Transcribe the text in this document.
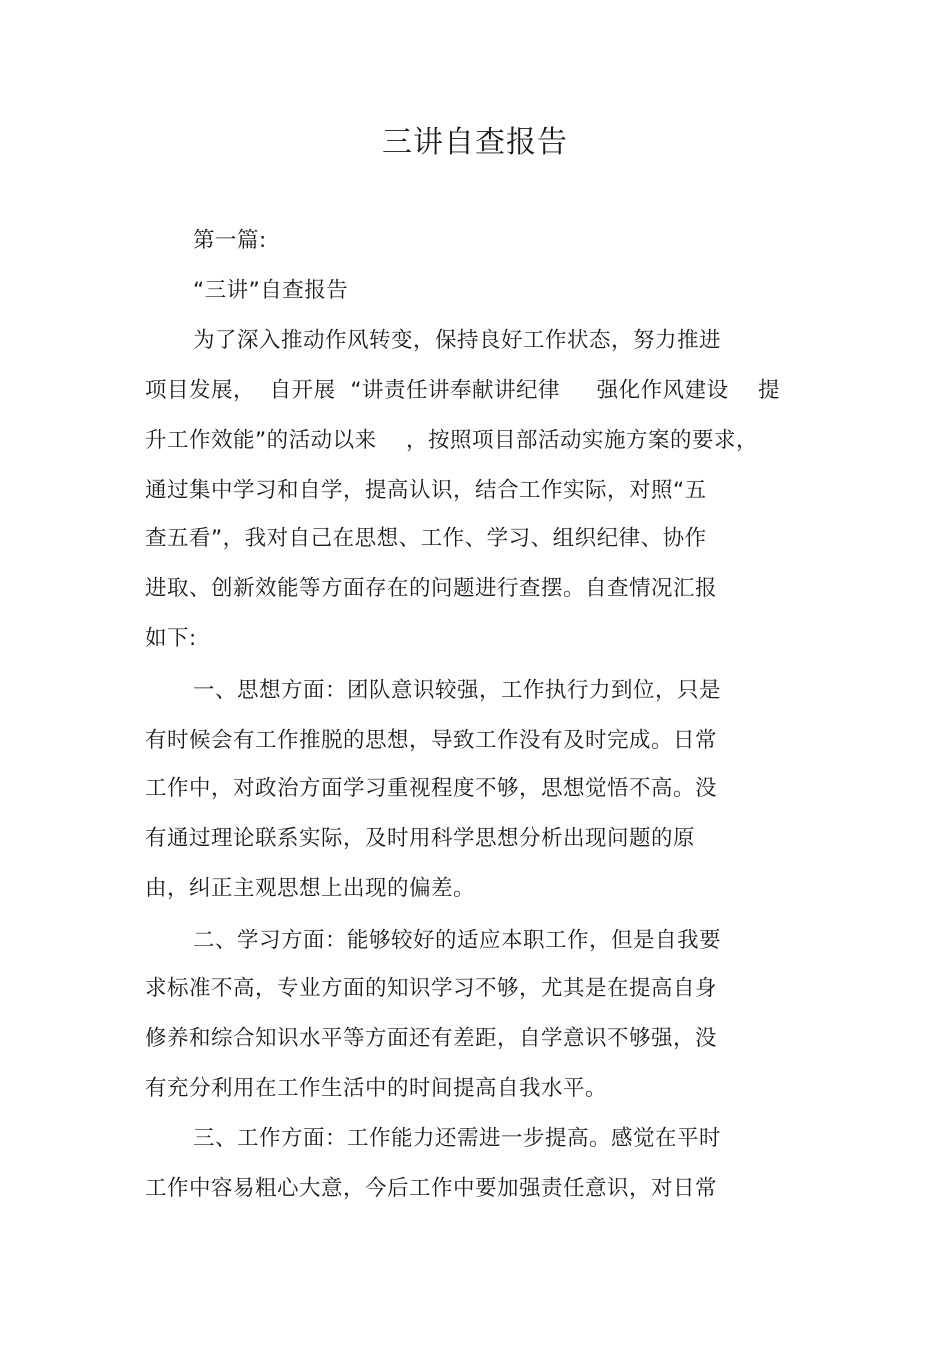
三讲自查报告
第一篇:
“三讲”自查报告
为了深入推动作风转变，保持良好工作状态，努力推进
项目发展，  自开展  “讲责任讲奉献讲纪律     强化作风建设    提
升工作效能”的活动以来    ，按照项目部活动实施方案的要求，
通过集中学习和自学，提高认识，结合工作实际，对照“五
查五看”，我对自己在思想、工作、学习、组织纪律、协作
进取、创新效能等方面存在的问题进行查摆。自查情况汇报
如下:
一、思想方面：团队意识较强，工作执行力到位，只是
有时候会有工作推脱的思想，导致工作没有及时完成。日常
工作中，对政治方面学习重视程度不够，思想觉悟不高。没
有通过理论联系实际，及时用科学思想分析出现问题的原
由，纠正主观思想上出现的偏差。
二、学习方面：能够较好的适应本职工作，但是自我要
求标准不高，专业方面的知识学习不够，尤其是在提高自身
修养和综合知识水平等方面还有差距，自学意识不够强，没
有充分利用在工作生活中的时间提高自我水平。
三、工作方面：工作能力还需进一步提高。感觉在平时
工作中容易粗心大意，今后工作中要加强责任意识，对日常
